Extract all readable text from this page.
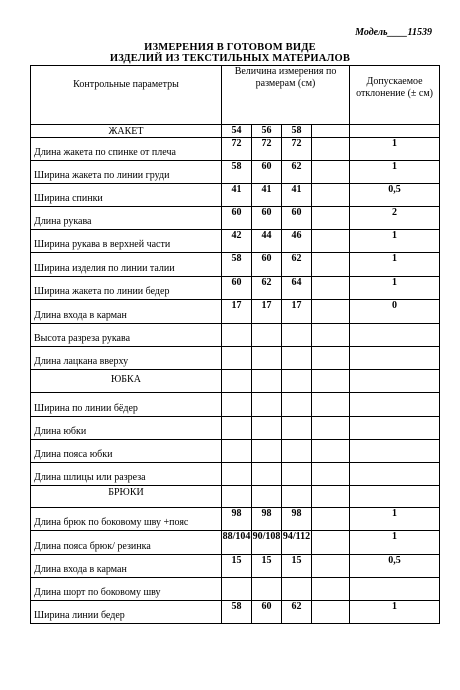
Модель____11539
ИЗМЕРЕНИЯ В ГОТОВОМ ВИДЕ
ИЗДЕЛИЙ ИЗ ТЕКСТИЛЬНЫХ МАТЕРИАЛОВ
Контрольные параметры	Величина измерения по размерам (см)				Допускаемое отклонение (± см)

ЖАКЕТ	54	56	58		

Длина жакета по спинке от плеча	72	72	72		1

Ширина жакета по линии груди	58	60	62		1

Ширина спинки	41	41	41		0,5

Длина рукава	60	60	60		2

Ширина рукава в верхней части	42	44	46		1

Ширина изделия по линии талии	58	60	62		1

Ширина жакета по линии бедер	60	62	64		1

Длина входа в карман	17	17	17		0

Высота разреза рукава					

Длина лацкана вверху					

ЮБКА					

Ширина по линии бёдер					

Длина юбки					

Длина пояса юбки					

Длина шлицы или разреза					

БРЮКИ					

Длина брюк по боковому шву +пояс	98	98	98		1

Длина пояса брюк/ резинка	88/104	90/108	94/112		1

Длина входа в карман	15	15	15		0,5

Длина шорт по боковому шву					

Ширина линии бедер	58	60	62		1
